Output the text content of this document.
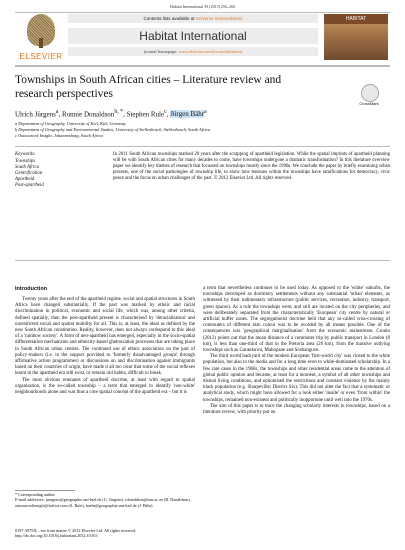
Habitat International 39 (2013) 256–260
ELSEVIER
Contents lists available at SciVerse ScienceDirect
Habitat International
journal homepage: www.elsevier.com/locate/habitatint
HABITAT
Townships in South African cities – Literature review and research perspectives
CrossMark
Ulrich Jürgens$^a$, Ronnie Donaldson$^{b, *}$, Stephen Rule$^c$, Jürgen Bähr$^a$
a Department of Geography, University of Kiel, Kiel, Germany
b Department of Geography and Environmental Studies, University of Stellenbosch, Stellenbosch, South Africa
c Outsourced Insight, Johannesburg, South Africa
Keywords:
Townships
South Africa
Gentrification
Apartheid
Post-apartheid
In 2011 South African townships marked 20 years after the scrapping of apartheid legislation. While the spatial imprints of apartheid planning will be with South African cities for many decades to come, have townships undergone a dramatic transformation? In this literature overview paper we identify key themes of research that focussed on townships mostly since the 1990s. We conclude the paper by briefly examining urban protests, one of the social pathologies of township life, to show how tensions within the townships have ramifications for democracy, civic peace and the focus on urban challenges of the past. © 2012 Elsevier Ltd. All rights reserved.
Introduction

Twenty years after the end of the apartheid regime, social and spatial structures in South Africa have changed substantially. If the past was marked by ethnic and racial discrimination in political, economic and social life, which was, among other criteria, defined spatially, then the post-apartheid present is characterised by 'deracialisation' and unrestricted social and spatial mobility for all. This is, at least, the ideal as defined by the new South African constitution. Reality, however, does not always correspond to this ideal of a 'rainbow society'. A form of neo-apartheid has emerged, especially in the socio-spatial differentiation mechanisms and ethnicity-based ghettoisation processes that are taking place in South African urban centres. The continued use of ethnic association on the part of policy-makers (i.e. in the support provided to 'formerly disadvantaged groups' through affirmative action programmes) or discussions on and discrimination against immigrants based on their countries of origin, have made it all too clear that some of the social reflexes learnt in the apartheid era still exist, or remain old habits, difficult to break.

The most obvious remnants of apartheid doctrine, at least with regard to spatial organisation, is the so-called township – a term that emerged to identify 'non-white' neighbourhoods alone and was thus a core spatial concept of the apartheid era – but it is

a term that nevertheless continues to be used today. As opposed to the 'white' suburbs, the townships developed as dormitory settlements without any substantial 'urban' elements, as witnessed by their rudimentary infrastructure (public services, recreation, industry, transport, green spaces). As a rule the townships were, and still are located on the city peripheries, and were deliberately separated from the characteristically 'European' city centre by natural or artificial buffer zones. The segregationist doctrine held that any so-called criss-crossing of commuters of different skin colour was to be avoided by all means possible. One of the consequences was 'geographical marginalisation' from the economic mainstream. Cronin (2012) points out that the mean distance of a commuter trip by public transport in London (8 km), is less than one-third of that in the Pretoria area (26 km), from the massive outlying townships such as Garankuwa, Mabopane and Soshanguve.

The third world backyard of the modern European 'first-world city' was closed to the white population, but also to the media and for a long time even to white-dominated scholarship. In a few rare cases in the 1960s, the townships and other residential areas came to the attention of global public opinion and became, at least for a moment, a symbol of all other townships and dismal living conditions, and epitomised the restrictions and constant violence by the mainly black population (e.g. Sharpeville; District Six). This did not alter the fact that a systematic or analytical study, which might have allowed for a look either 'inside' or even 'from within' the townships, remained non-existent and politically inopportune until well into the 1970s.

The aim of this paper is to trace the changing scholarly interests in townships, based on a literature review, with priority put on

* Corresponding author.
E-mail addresses: juergens@geographie.uni-kiel.de (U. Jürgens), rdonaldson@sun.ac.za (R. Donaldson), outsourcedinsight@iafrica.com (S. Rule), baehr@geographie.uni-kiel.de (J. Bähr).
0197-3975/$ – see front matter © 2012 Elsevier Ltd. All rights reserved.
http://dx.doi.org/10.1016/j.habitatint.2012.10.011
